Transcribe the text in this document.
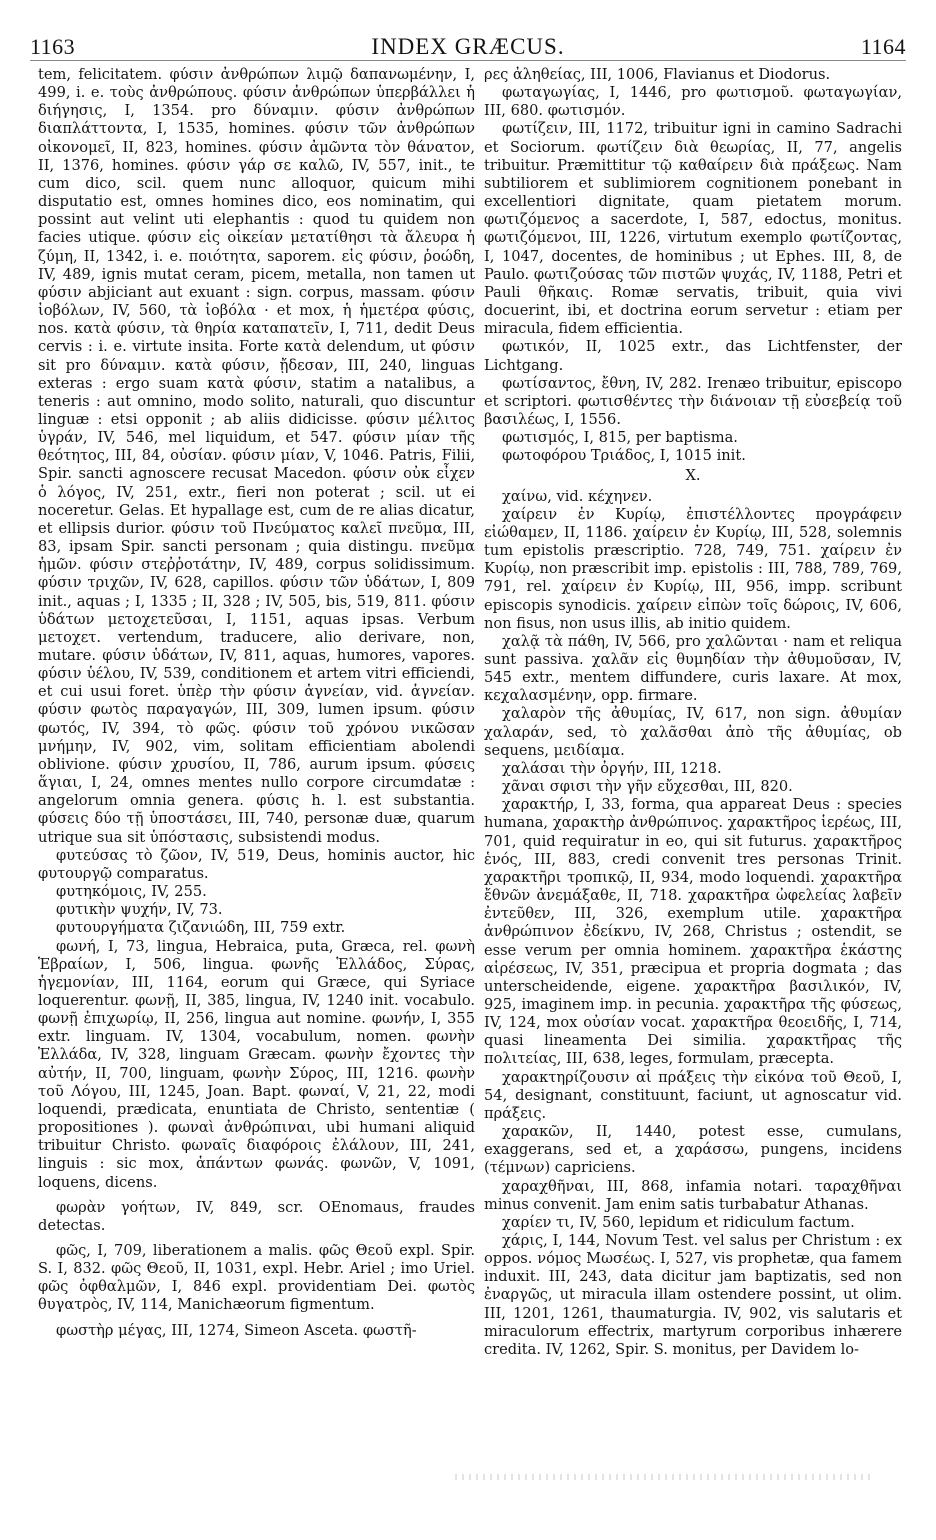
1163	INDEX GRÆCUS.	1164

tem, felicitatem. φύσιν ἀνθρώπων λιμῷ δαπανωμένην, I, 499, i. e. τοὺς ἀνθρώπους. φύσιν ἀνθρώπων ὑπερβάλλει ἡ διήγησις, I, 1354. pro δύναμιν. φύσιν ἀνθρώπων διαπλάττοντα, I, 1535, homines. φύσιν τῶν ἀνθρώπων οἰκονομεῖ, II, 823, homines. φύσιν ἀμῶντα τὸν θάνατον, II, 1376, homines. φύσιν γάρ σε καλῶ, IV, 557, init., te cum dico, scil. quem nunc alloquor, quicum mihi disputatio est, omnes homines dico, eos nominatim, qui possint aut velint uti elephantis : quod tu quidem non facies utique. φύσιν εἰς οἰκείαν μετατίθησι τὰ ἄλευρα ἡ ζύμη, II, 1342, i. e. ποιότητα, saporem. εἰς φύσιν, ῥοώδη, IV, 489, ignis mutat ceram, picem, metalla, non tamen ut φύσιν abjiciant aut exuant : sign. corpus, massam. φύσιν ἰοβόλων, IV, 560, τὰ ἰοβόλα · et mox, ἡ ἡμετέρα φύσις, nos. κατὰ φύσιν, τὰ θηρία καταπατεῖν, I, 711, dedit Deus cervis : i. e. virtute insita. Forte κατὰ delendum, ut φύσιν sit pro δύναμιν. κατὰ φύσιν, ᾔδεσαν, III, 240, linguas exteras : ergo suam κατὰ φύσιν, statim a natalibus, a teneris : aut omnino, modo solito, naturali, quo discuntur linguæ : etsi opponit ; ab aliis didicisse. φύσιν μέλιτος ὑγράν, IV, 546, mel liquidum, et 547. φύσιν μίαν τῆς θεότητος, III, 84, οὐσίαν. φύσιν μίαν, V, 1046. Patris, Filii, Spir. sancti agnoscere recusat Macedon. φύσιν οὐκ εἶχεν ὁ λόγος, IV, 251, extr., fieri non poterat ; scil. ut ei noceretur. Gelas. Et hypallage est, cum de re alias dicatur, et ellipsis durior. φύσιν τοῦ Πνεύματος καλεῖ πνεῦμα, III, 83, ipsam Spir. sancti personam ; quia distingu. πνεῦμα ἡμῶν. φύσιν στεῤῥοτάτην, IV, 489, corpus solidissimum. φύσιν τριχῶν, IV, 628, capillos. φύσιν τῶν ὑδάτων, I, 809 init., aquas ; I, 1335 ; II, 328 ; IV, 505, bis, 519, 811. φύσιν ὑδάτων μετοχετεῦσαι, I, 1151, aquas ipsas. Verbum μετοχετ. vertendum, traducere, alio derivare, non, mutare. φύσιν ὑδάτων, IV, 811, aquas, humores, vapores. φύσιν ὑέλου, IV, 539, conditionem et artem vitri efficiendi, et cui usui foret. ὑπὲρ τὴν φύσιν ἁγνείαν, vid. ἁγνείαν. φύσιν φωτὸς παραγαγών, III, 309, lumen ipsum. φύσιν φωτός, IV, 394, τὸ φῶς. φύσιν τοῦ χρόνου νικῶσαν μνήμην, IV, 902, vim, solitam efficientiam abolendi oblivione. φύσιν χρυσίου, II, 786, aurum ipsum. φύσεις ἅγιαι, I, 24, omnes mentes nullo corpore circumdatæ : angelorum omnia genera. φύσις h. l. est substantia. φύσεις δύο τῇ ὑποστάσει, III, 740, personæ duæ, quarum utrique sua sit ὑπόστασις, subsistendi modus.

φυτεύσας τὸ ζῶον, IV, 519, Deus, hominis auctor, hic φυτουργῷ comparatus.

φυτηκόμοις, IV, 255.

φυτικὴν ψυχήν, IV, 73.

φυτουργήματα ζιζανιώδη, III, 759 extr.

φωνή, I, 73, lingua, Hebraica, puta, Græca, rel. φωνὴ Ἑβραίων, I, 506, lingua. φωνῆς Ἑλλάδος, Σύρας, ἡγεμονίαν, III, 1164, eorum qui Græce, qui Syriace loquerentur. φωνῇ, II, 385, lingua, IV, 1240 init. vocabulo. φωνῇ ἐπιχωρίῳ, II, 256, lingua aut nomine. φωνήν, I, 355 extr. linguam. IV, 1304, vocabulum, nomen. φωνὴν Ἑλλάδα, IV, 328, linguam Græcam. φωνὴν ἔχοντες τὴν αὐτήν, II, 700, linguam, φωνὴν Σύρος, III, 1216. φωνὴν τοῦ Λόγου, III, 1245, Joan. Bapt. φωναί, V, 21, 22, modi loquendi, prædicata, enuntiata de Christo, sententiæ ( propositiones ). φωναὶ ἀνθρώπιναι, ubi humani aliquid tribuitur Christo. φωναῖς διαφόροις ἐλάλουν, III, 241, linguis : sic mox, ἁπάντων φωνάς. φωνῶν, V, 1091, loquens, dicens.

φωρὰν γοήτων, IV, 849, scr. OEnomaus, fraudes detectas.

φῶς, I, 709, liberationem a malis. φῶς Θεοῦ expl. Spir. S. I, 832. φῶς Θεοῦ, II, 1031, expl. Hebr. Ariel ; imo Uriel. φῶς ὀφθαλμῶν, I, 846 expl. providentiam Dei. φωτὸς θυγατρὸς, IV, 114, Manichæorum figmentum.

φωστὴρ μέγας, III, 1274, Simeon Asceta. φωστῆ-

ρες ἀληθείας, III, 1006, Flavianus et Diodorus.

φωταγωγίας, I, 1446, pro φωτισμοῦ. φωταγωγίαν, III, 680. φωτισμόν.

φωτίζειν, III, 1172, tribuitur igni in camino Sadrachi et Sociorum. φωτίζειν διὰ θεωρίας, II, 77, angelis tribuitur. Præmittitur τῷ καθαίρειν διὰ πράξεως. Nam subtiliorem et sublimiorem cognitionem ponebant in excellentiori dignitate, quam pietatem morum. φωτιζόμενος a sacerdote, I, 587, edoctus, monitus. φωτιζόμενοι, III, 1226, virtutum exemplo φωτίζοντας, I, 1047, docentes, de hominibus ; ut Ephes. III, 8, de Paulo. φωτιζούσας τῶν πιστῶν ψυχάς, IV, 1188, Petri et Pauli θῆκαις. Romæ servatis, tribuit, quia vivi docuerint, ibi, et doctrina eorum servetur : etiam per miracula, fidem efficientia.

φωτικόν, II, 1025 extr., das Lichtfenster, der Lichtgang.

φωτίσαντος, ἔθνη, IV, 282. Irenæo tribuitur, episcopo et scriptori. φωτισθέντες τὴν διάνοιαν τῇ εὐσεβείᾳ τοῦ βασιλέως, I, 1556.

φωτισμός, I, 815, per baptisma.

φωτοφόρου Τριάδος, I, 1015 init.

X.

χαίνω, vid. κέχηνεν.

χαίρειν ἐν Κυρίῳ, ἐπιστέλλοντες προγράφειν εἰώθαμεν, II, 1186. χαίρειν ἐν Κυρίῳ, III, 528, solemnis tum epistolis præscriptio. 728, 749, 751. χαίρειν ἐν Κυρίῳ, non præscribit imp. epistolis : III, 788, 789, 769, 791, rel. χαίρειν ἐν Κυρίῳ, III, 956, impp. scribunt episcopis synodicis. χαίρειν εἰπὼν τοῖς δώροις, IV, 606, non fisus, non usus illis, ab initio quidem.

χαλᾷ τὰ πάθη, IV, 566, pro χαλῶνται · nam et reliqua sunt passiva. χαλᾶν εἰς θυμηδίαν τὴν ἀθυμοῦσαν, IV, 545 extr., mentem diffundere, curis laxare. At mox, κεχαλασμένην, opp. firmare.

χαλαρὸν τῆς ἀθυμίας, IV, 617, non sign. ἀθυμίαν χαλαράν, sed, τὸ χαλᾶσθαι ἀπὸ τῆς ἀθυμίας, ob sequens, μειδίαμα.

χαλάσαι τὴν ὀργήν, III, 1218.

χᾶναι σφισι τὴν γῆν εὔχεσθαι, III, 820.

χαρακτήρ, I, 33, forma, qua appareat Deus : species humana, χαρακτὴρ ἀνθρώπινος. χαρακτῆρος ἱερέως, III, 701, quid requiratur in eo, qui sit futurus. χαρακτῆρος ἑνός, III, 883, credi convenit tres personas Trinit. χαρακτῆρι τροπικῷ, II, 934, modo loquendi. χαρακτῆρα ἔθνῶν ἀνεμάξαθε, II, 718. χαρακτῆρα ὠφελείας λαβεῖν ἐντεῦθεν, III, 326, exemplum utile. χαρακτῆρα ἀνθρώπινον ἐδείκνυ, IV, 268, Christus ; ostendit, se esse verum per omnia hominem. χαρακτῆρα ἑκάστης αἱρέσεως, IV, 351, præcipua et propria dogmata ; das unterscheidende, eigene. χαρακτῆρα βασιλικόν, IV, 925, imaginem imp. in pecunia. χαρακτῆρα τῆς φύσεως, IV, 124, mox οὐσίαν vocat. χαρακτῆρα θεοειδῆς, I, 714, quasi lineamenta Dei similia. χαρακτῆρας τῆς πολιτείας, III, 638, leges, formulam, præcepta.

χαρακτηρίζουσιν αἱ πράξεις τὴν εἰκόνα τοῦ Θεοῦ, I, 54, designant, constituunt, faciunt, ut agnoscatur vid. πράξεις.

χαρακῶν, II, 1440, potest esse, cumulans, exaggerans, sed et, a χαράσσω, pungens, incidens (τέμνων) capriciens.

χαραχθῆναι, III, 868, infamia notari. ταραχθῆναι minus convenit. Jam enim satis turbabatur Athanas.

χαρίεν τι, IV, 560, lepidum et ridiculum factum.

χάρις, I, 144, Novum Test. vel salus per Christum : ex oppos. νόμος Μωσέως. I, 527, vis prophetæ, qua famem induxit. III, 243, data dicitur jam baptizatis, sed non ἐναργῶς, ut miracula illam ostendere possint, ut olim. III, 1201, 1261, thaumaturgia. IV, 902, vis salutaris et miraculorum effectrix, martyrum corporibus inhærere credita. IV, 1262, Spir. S. monitus, per Davidem lo-
